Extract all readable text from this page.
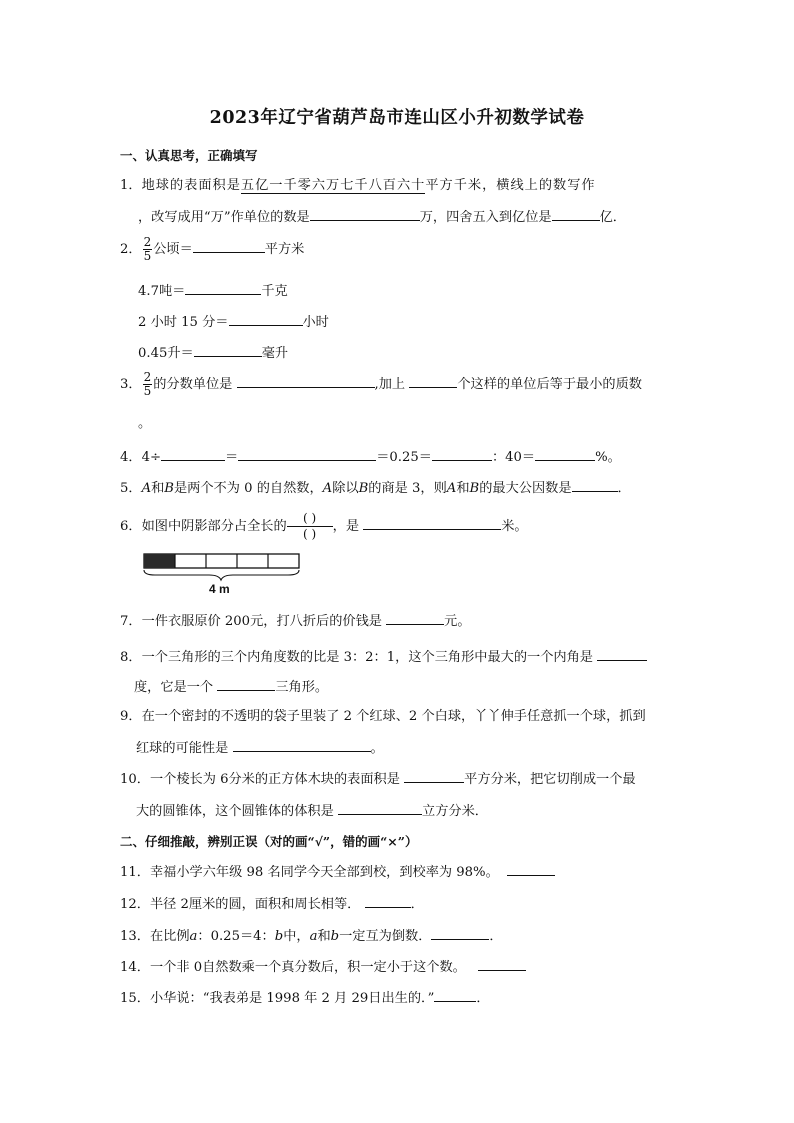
2023年辽宁省葫芦岛市连山区小升初数学试卷
一、认真思考，正确填写
1．地球的表面积是五亿一千零六万七千八百六十平方千米，横线上的数写作
，改写成用“万”作单位的数是	万，四舍五入到亿位是	亿．
2． $\frac{2}{5}$ 公顷＝	平方米
4.7吨＝	千克
2 小时 15 分＝	小时
0.45升＝	毫升
3． $\frac{2}{5}$ 的分数单位是	,加上	个这样的单位后等于最小的质数
。
4．4÷	＝	＝0.25＝	：40＝	%。
5．A和B是两个不为 0 的自然数，A除以B的商是 3，则A和B的最大公因数是	．
6．如图中阴影部分占全长的
( )
( ) ，是	米。
4 m
7．一件衣服原价 200元，打八折后的价钱是	元。
8．一个三角形的三个内角度数的比是 3：2：1，这个三角形中最大的一个内角是
度，它是一个	三角形。
9．在一个密封的不透明的袋子里装了 2 个红球、2 个白球，丫丫伸手任意抓一个球，抓到
红球的可能性是	。
10．一个棱长为 6分米的正方体木块的表面积是	平方分米，把它切削成一个最
大的圆锥体，这个圆锥体的体积是	立方分米．
二、仔细推敲，辨别正误（对的画“√”，错的画“×”）
11．幸福小学六年级 98 名同学今天全部到校，到校率为 98%。
12．半径 2厘米的圆，面积和周长相等．	．
13．在比例a：0.25＝4：b中，a和b一定互为倒数．	．
14．一个非 0自然数乘一个真分数后，积一定小于这个数。
15．小华说：“我表弟是 1998 年 2 月 29日出生的．”	．
